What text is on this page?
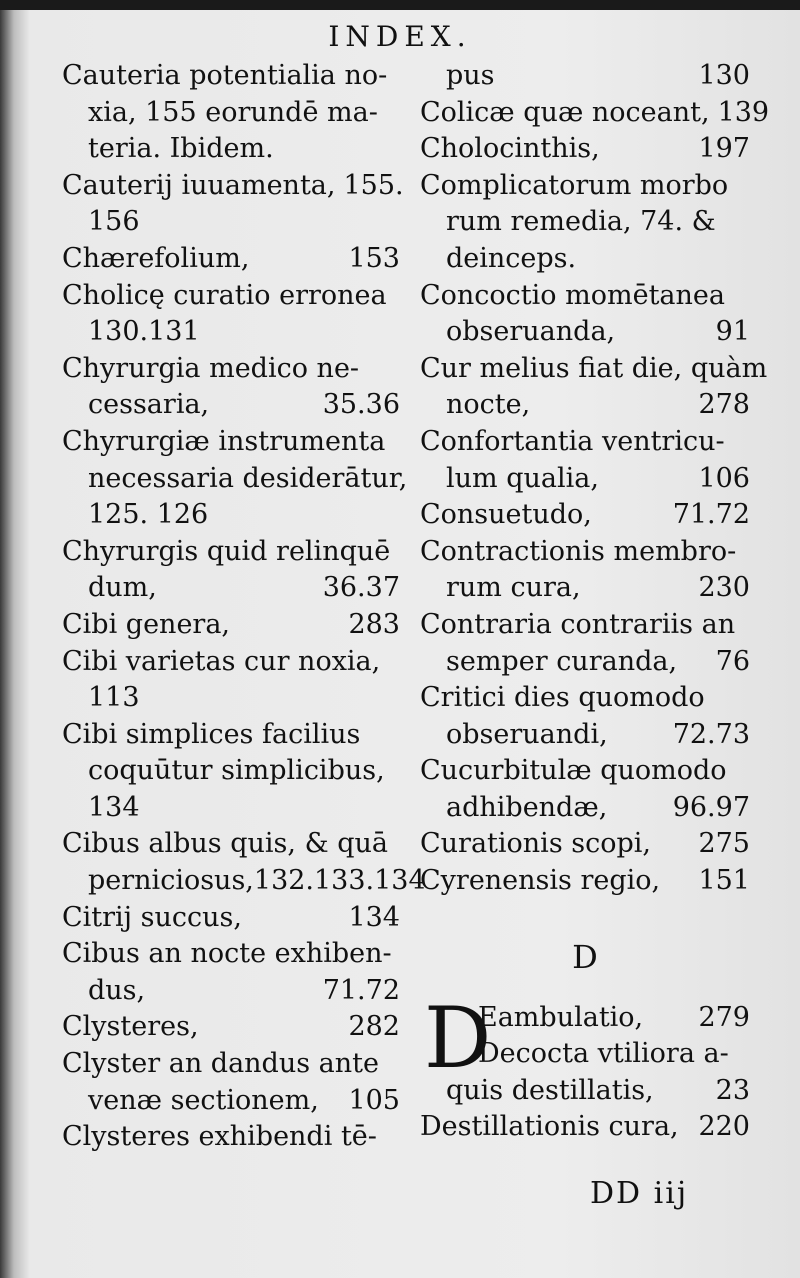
INDEX.
Cauteria potentialia no-
xia, 155 eorundē ma-
teria. Ibidem.
Cauterij iuuamenta, 155.
156
Chærefolium,	153
Cholicę curatio erronea
130.131
Chyrurgia medico ne-
cessaria,	35.36
Chyrurgiæ instrumenta
necessaria desiderātur,
125. 126
Chyrurgis quid relinquē
dum,	36.37
Cibi genera,	283
Cibi varietas cur noxia,
113
Cibi simplices facilius
coquūtur simplicibus,
134
Cibus albus quis, & quā
perniciosus,132.133.134
Citrij succus,	134
Cibus an nocte exhiben-
dus,	71.72
Clysteres,	282
Clyster an dandus ante
venæ sectionem, 105
Clysteres exhibendi tē-
pus	130
Colicæ quæ noceant, 139
Cholocinthis,	197
Complicatorum morbo
rum remedia, 74. &
deinceps.
Concoctio momētanea
obseruanda,	91
Cur melius fiat die, quàm
nocte,	278
Confortantia ventricu-
lum qualia,	106
Consuetudo,	71.72
Contractionis membro-
rum cura,	230
Contraria contrariis an
semper curanda, 76
Critici dies quomodo
obseruandi, 72.73
Cucurbitulæ quomodo
adhibendæ, 96.97
Curationis scopi, 275
Cyrenensis regio, 151
D
D
Eambulatio, 279
Decocta vtiliora a-
quis destillatis, 23
Destillationis cura, 220
DD iij
